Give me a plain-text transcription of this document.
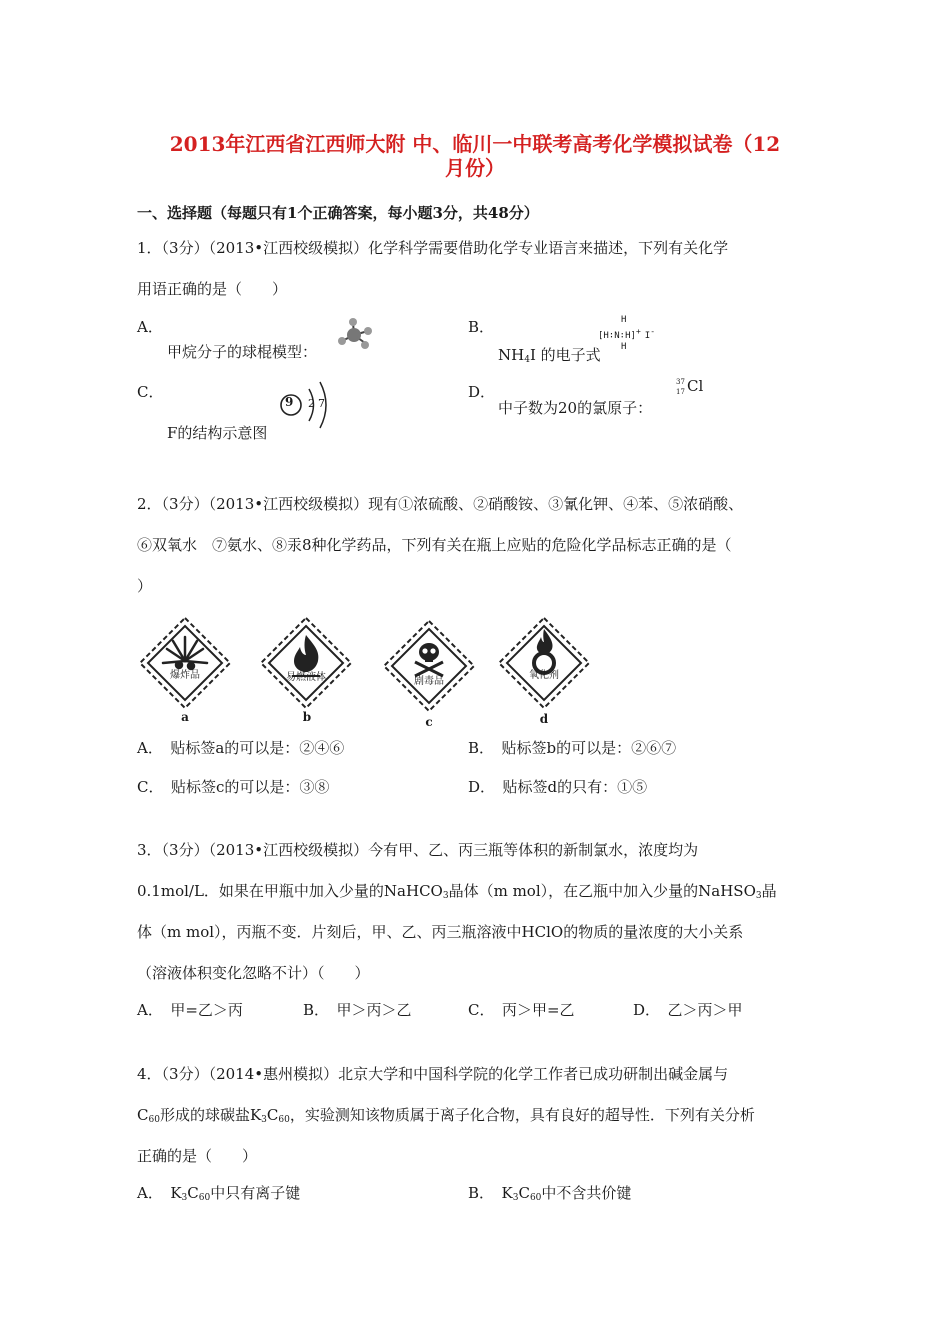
2013年江西省江西师大附 中、临川一中联考高考化学模拟试卷（12
月份）
一、选择题（每题只有1个正确答案，每小题3分，共48分）
1．（3分）（2013•江西校级模拟）化学科学需要借助化学专业语言来描述，下列有关化学
用语正确的是（　　）
A．
甲烷分子的球棍模型：
B．
$NH_4I$ 的电子式
H
[H∶N∶H]+ I-
H
C．
9 2 7
F的结构示意图
D．
中子数为20的氯原子：
37
17 Cl
2．（3分）（2013•江西校级模拟）现有①浓硫酸、②硝酸铵、③氰化钾、④苯、⑤浓硝酸、
⑥双氧水　⑦氨水、⑧汞8种化学药品，下列有关在瓶上应贴的危险化学品标志正确的是（
）
爆炸品
a
易燃液体
b
剧毒品
c
氧化剂
d
A．　贴标签a的可以是：②④⑥	B．　贴标签b的可以是：②⑥⑦
C．　贴标签c的可以是：③⑧	D．　贴标签d的只有：①⑤
3．（3分）（2013•江西校级模拟）今有甲、乙、丙三瓶等体积的新制氯水，浓度均为
0.1mol/L．如果在甲瓶中加入少量的NaHCO$_3$晶体（m mol），在乙瓶中加入少量的NaHSO$_3$晶
体（m mol），丙瓶不变．片刻后，甲、乙、丙三瓶溶液中HClO的物质的量浓度的大小关系
（溶液体积变化忽略不计）（　　）
A．　甲=乙＞丙	B．　甲＞丙＞乙	C．　丙＞甲=乙	D．　乙＞丙＞甲
4．（3分）（2014•惠州模拟）北京大学和中国科学院的化学工作者已成功研制出碱金属与
$C_{60}$形成的球碳盐$K_3C_{60}$，实验测知该物质属于离子化合物，具有良好的超导性．下列有关分析
正确的是（　　）
A．　$K_3C_{60}$中只有离子键	B．　$K_3C_{60}$中不含共价键
